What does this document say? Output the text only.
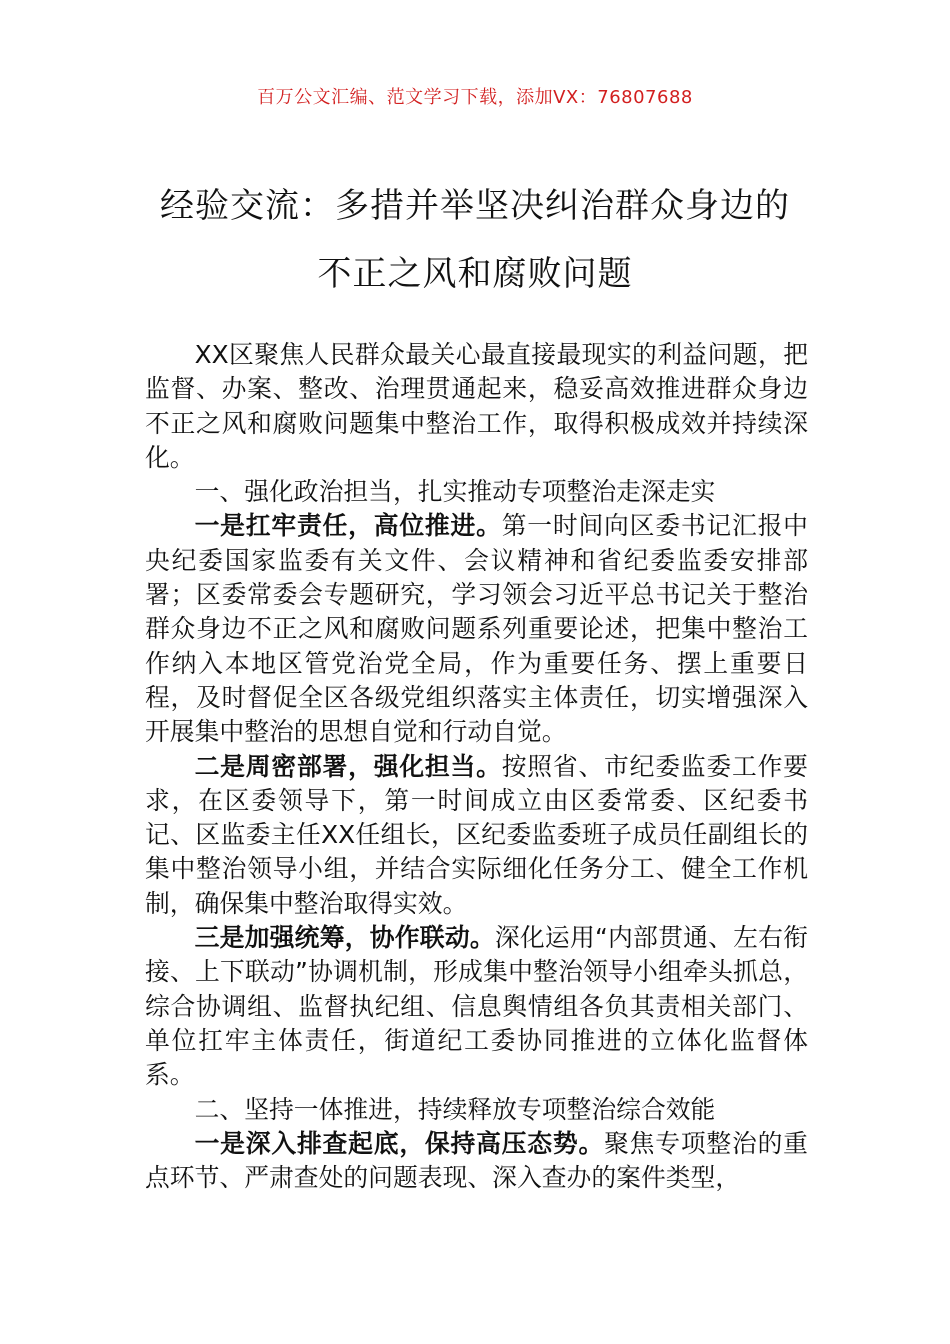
百万公文汇编、范文学习下载，添加VX：76807688
经验交流：多措并举坚决纠治群众身边的
不正之风和腐败问题

XX区聚焦人民群众最关心最直接最现实的利益问题，把监督、办案、整改、治理贯通起来，稳妥高效推进群众身边不正之风和腐败问题集中整治工作，取得积极成效并持续深化。

一、强化政治担当，扎实推动专项整治走深走实

一是扛牢责任，高位推进。第一时间向区委书记汇报中央纪委国家监委有关文件、会议精神和省纪委监委安排部署；区委常委会专题研究，学习领会习近平总书记关于整治群众身边不正之风和腐败问题系列重要论述，把集中整治工作纳入本地区管党治党全局，作为重要任务、摆上重要日程，及时督促全区各级党组织落实主体责任，切实增强深入开展集中整治的思想自觉和行动自觉。

二是周密部署，强化担当。按照省、市纪委监委工作要求，在区委领导下，第一时间成立由区委常委、区纪委书记、区监委主任XX任组长，区纪委监委班子成员任副组长的集中整治领导小组，并结合实际细化任务分工、健全工作机制，确保集中整治取得实效。

三是加强统筹，协作联动。深化运用“内部贯通、左右衔接、上下联动”协调机制，形成集中整治领导小组牵头抓总，综合协调组、监督执纪组、信息舆情组各负其责相关部门、单位扛牢主体责任，街道纪工委协同推进的立体化监督体系。

二、坚持一体推进，持续释放专项整治综合效能

一是深入排查起底，保持高压态势。聚焦专项整治的重点环节、严肃查处的问题表现、深入查办的案件类型，
